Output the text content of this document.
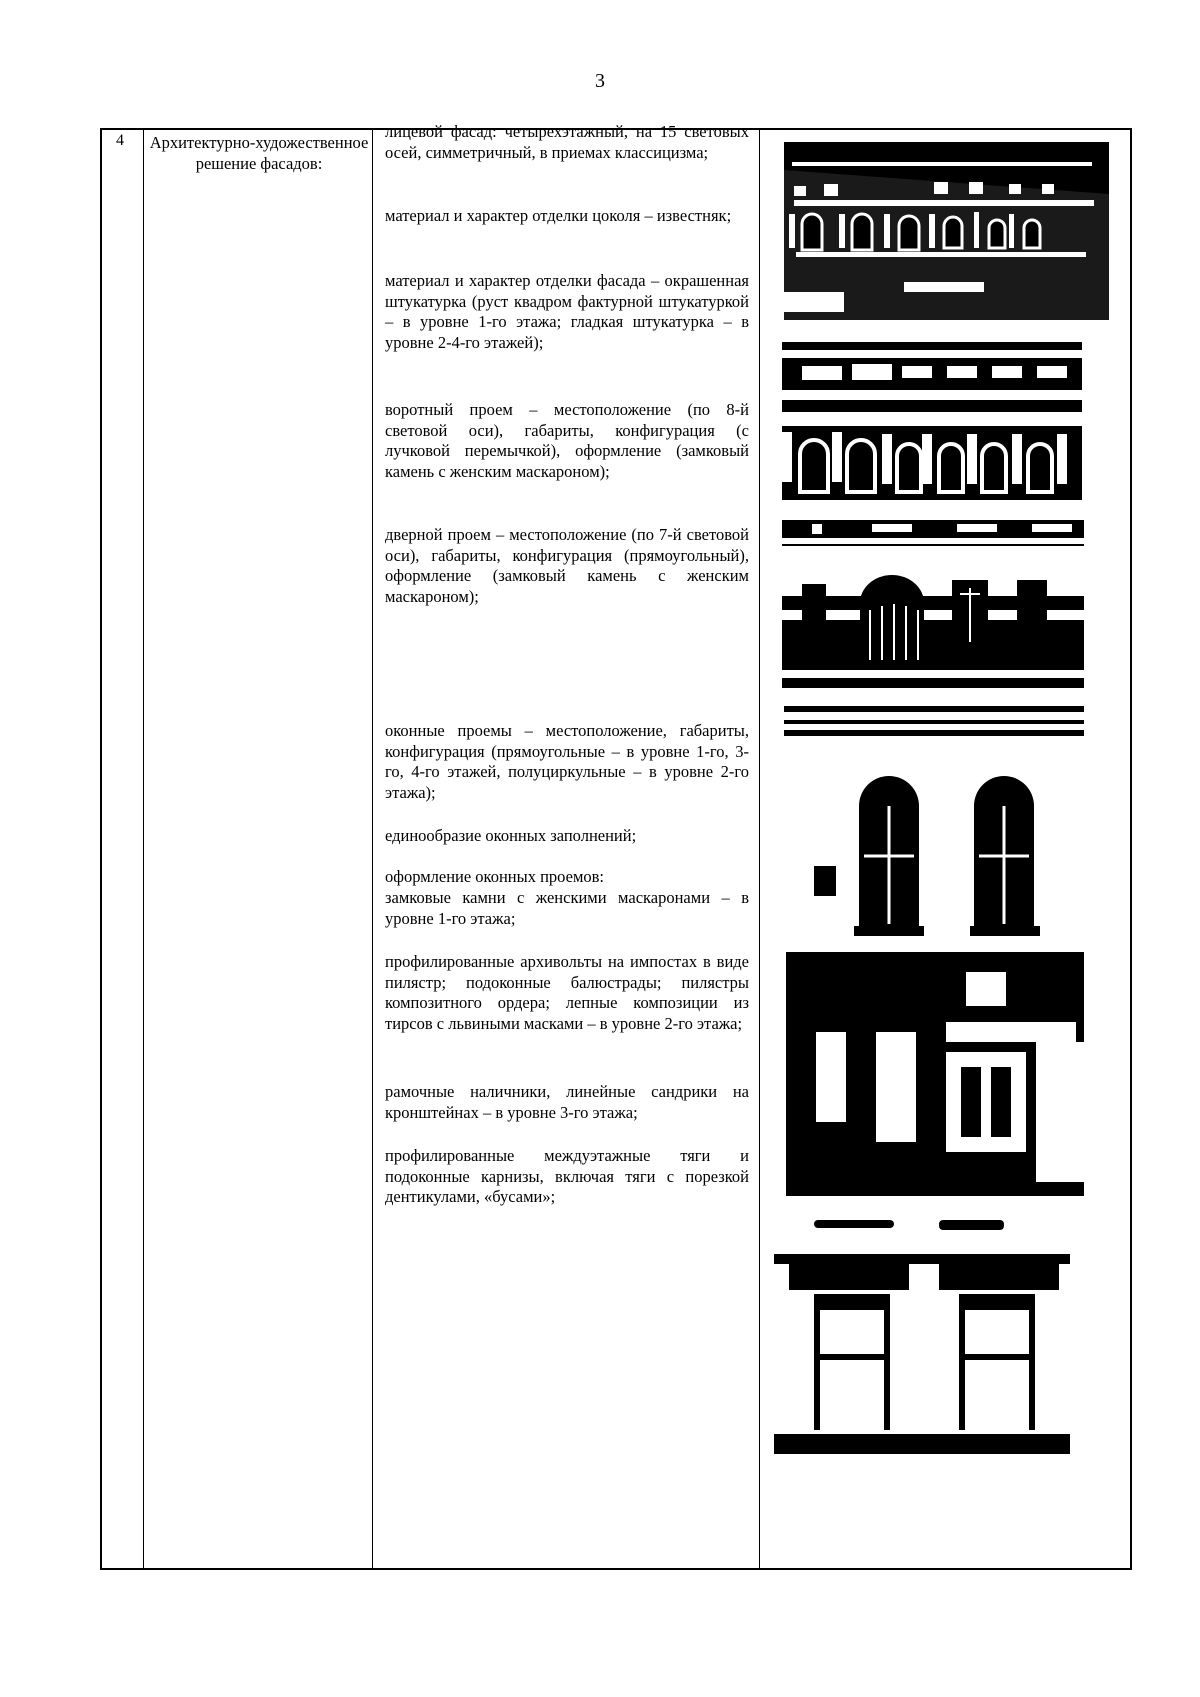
3
4 Архитектурно-художественное решение фасадов:

лицевой фасад: четырехэтажный, на 15 световых осей, симметричный, в приемах классицизма;

материал и характер отделки цоколя – известняк;

материал и характер отделки фасада – окрашенная штукатурка (руст квадром фактурной штукатуркой – в уровне 1-го этажа; гладкая штукатурка – в уровне 2-4-го этажей);

воротный проем – местоположение (по 8-й световой оси), габариты, конфигурация (с лучковой перемычкой), оформление (замковый камень с женским маскароном);

дверной проем – местоположение (по 7-й световой оси), габариты, конфигурация (прямоугольный), оформление (замковый камень с женским маскароном);

оконные проемы – местоположение, габариты, конфигурация (прямоугольные – в уровне 1-го, 3-го, 4-го этажей, полуциркульные – в уровне 2-го этажа);

единообразие оконных заполнений;

оформление оконных проемов:

замковые камни с женскими маскаронами – в уровне 1-го этажа;

профилированные архивольты на импостах в виде пилястр; подоконные балюстрады; пилястры композитного ордера; лепные композиции из тирсов с львиными масками – в уровне 2-го этажа;

рамочные наличники, линейные сандрики на кронштейнах – в уровне 3-го этажа;

профилированные междуэтажные тяги и подоконные карнизы, включая тяги с порезкой дентикулами, «бусами»;
